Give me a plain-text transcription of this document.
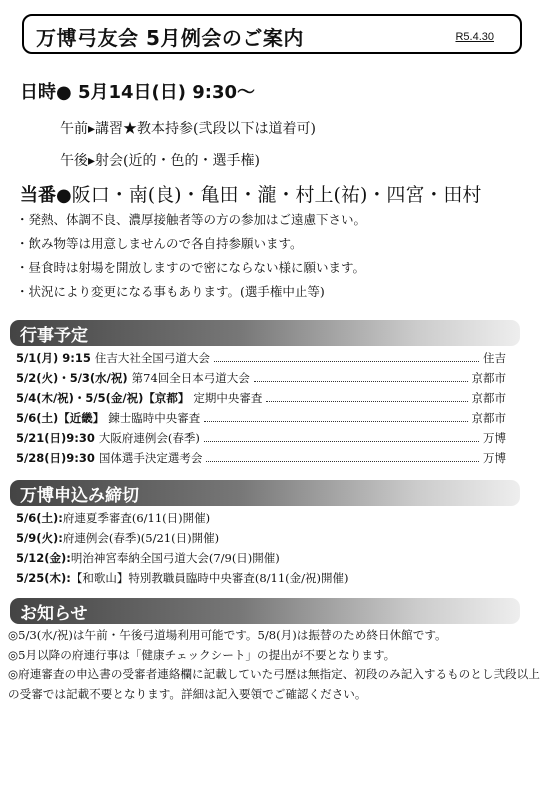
万博弓友会 5月例会のご案内	R5.4.30
日時● 5月14日(日) 9:30～
午前▸講習★教本持参(弐段以下は道着可)
午後▸射会(近的・色的・選手権)
当番●阪口・南(良)・亀田・瀧・村上(祐)・四宮・田村
・発熱、体調不良、濃厚接触者等の方の参加はご遠慮下さい。
・飲み物等は用意しませんので各自持参願います。
・昼食時は射場を開放しますので密にならない様に願います。
・状況により変更になる事もあります。(選手権中止等)
行事予定
5/1(月) 9:15 住吉大社全国弓道大会	住吉
5/2(火)・5/3(水/祝) 第74回全日本弓道大会	京都市
5/4(木/祝)・5/5(金/祝)【京都】 定期中央審査	京都市
5/6(土)【近畿】 錬士臨時中央審査	京都市
5/21(日)9:30 大阪府連例会(春季)	万博
5/28(日)9:30 国体選手決定選考会	万博
万博申込み締切
5/6(土):府連夏季審査(6/11(日)開催)
5/9(火):府連例会(春季)(5/21(日)開催)
5/12(金):明治神宮奉納全国弓道大会(7/9(日)開催)
5/25(木):【和歌山】特別教職員臨時中央審査(8/11(金/祝)開催)
お知らせ
◎5/3(水/祝)は午前・午後弓道場利用可能です。5/8(月)は振替のため終日休館です。
◎5月以降の府連行事は「健康チェックシート」の提出が不要となります。
◎府連審査の申込書の受審者連絡欄に記載していた弓歴は無指定、初段のみ記入するものとし弐段以上の受審では記載不要となります。詳細は記入要領でご確認ください。
